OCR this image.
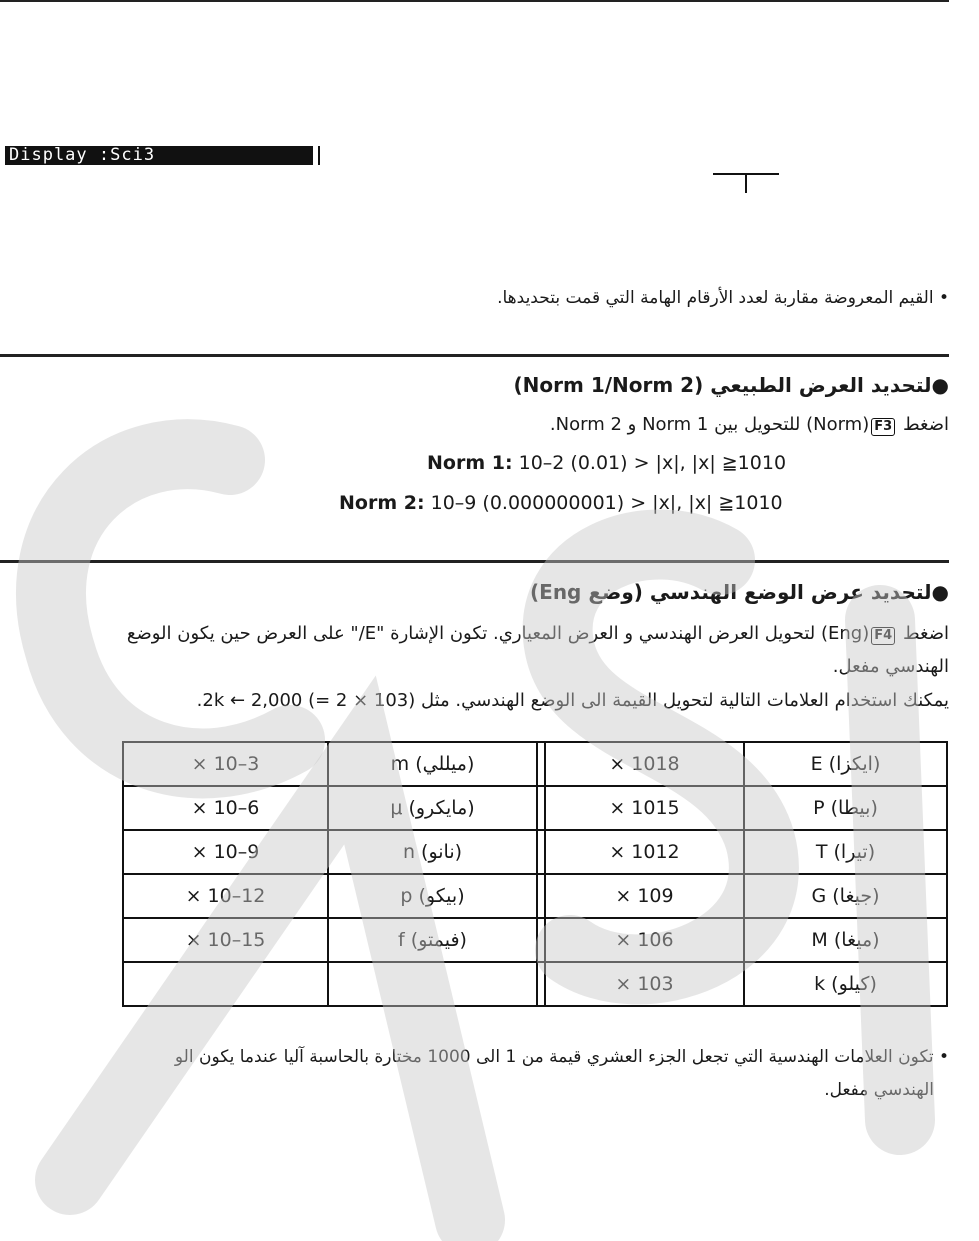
Display :Sci3
• القيم المعروضة مقاربة لعدد الأرقام الهامة التي قمت بتحديدها.
●لتحديد العرض الطبيعي (Norm 1/Norm 2)
اضغط F3(Norm) للتحويل بين Norm 1 و Norm 2.
Norm 1: 10–2 (0.01) > |x|, |x| ≧1010
Norm 2: 10–9 (0.000000001) > |x|, |x| ≧1010
●لتحديد عرض الوضع الهندسي (وضع Eng)
اضغط F4(Eng) لتحويل العرض الهندسي و العرض المعياري. تكون الإشارة "E/" على العرض حين يكون الوضع
الهندسي مفعل.
يمكنك استخدام العلامات التالية لتحويل القيمة الى الوضع الهندسي. مثل (103 × 2 =) 2,000 ← 2k.
× 10–3	m (ميللي)		× 1018	E (ايكزا)
× 10–6	μ (مايكرو)		× 1015	P (بيطا)
× 10–9	n (نانو)		× 1012	T (تيرا)
× 10–12	p (بيكو)		× 109	G (جيغا)
× 10–15	f (فيمتو)		× 106	M (ميغا)
			× 103	k (كيلو)
• تكون العلامات الهندسية التي تجعل الجزء العشري قيمة من 1 الى 1000 مختارة بالحاسبة آليا عندما يكون الو
الهندسي مفعل.
CASIO
